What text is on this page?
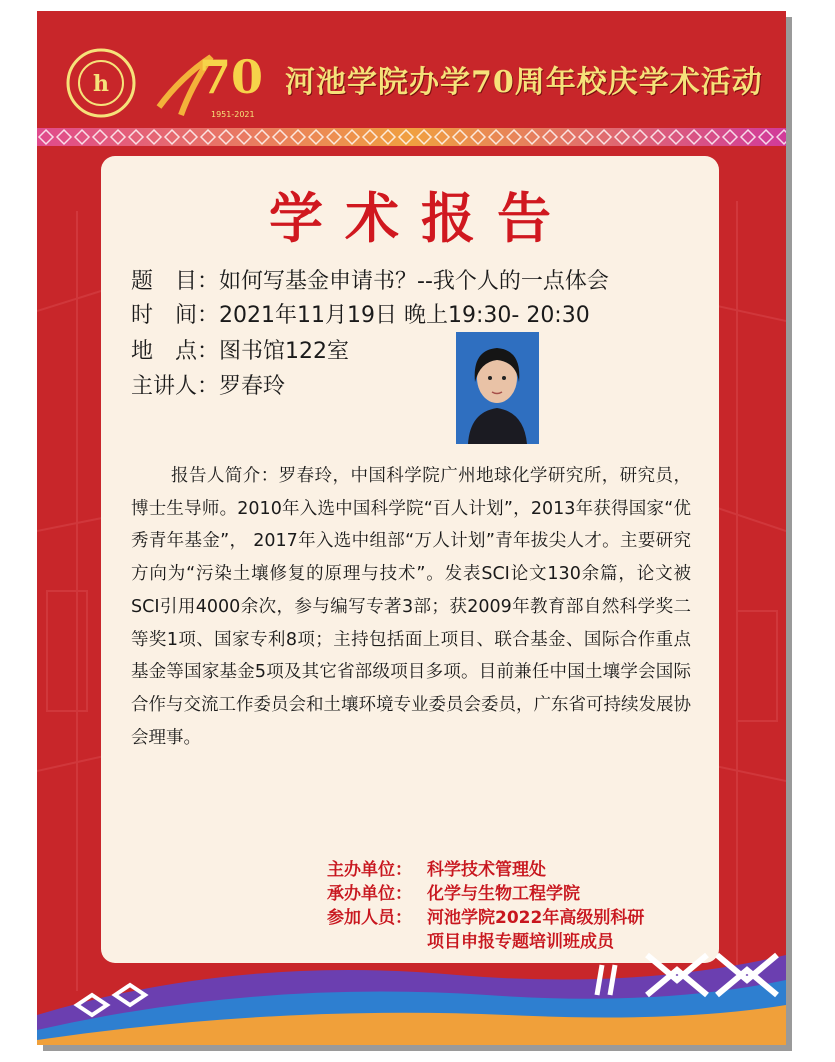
h 70
1951-2021
河池学院办学70周年校庆学术活动
学术报告
题　目：如何写基金申请书？--我个人的一点体会
时　间：2021年11月19日 晚上19:30- 20:30
地　点：图书馆122室
主讲人：罗春玲
报告人简介：罗春玲，中国科学院广州地球化学研究所，研究员，博士生导师。2010年入选中国科学院“百人计划”，2013年获得国家“优秀青年基金”， 2017年入选中组部“万人计划”青年拔尖人才。主要研究方向为“污染土壤修复的原理与技术”。发表SCI论文130余篇，论文被SCI引用4000余次，参与编写专著3部；获2009年教育部自然科学奖二等奖1项、国家专利8项；主持包括面上项目、联合基金、国际合作重点基金等国家基金5项及其它省部级项目多项。目前兼任中国土壤学会国际合作与交流工作委员会和土壤环境专业委员会委员，广东省可持续发展协会理事。
主办单位： 科学技术管理处
承办单位： 化学与生物工程学院
参加人员： 河池学院2022年高级别科研
项目申报专题培训班成员
